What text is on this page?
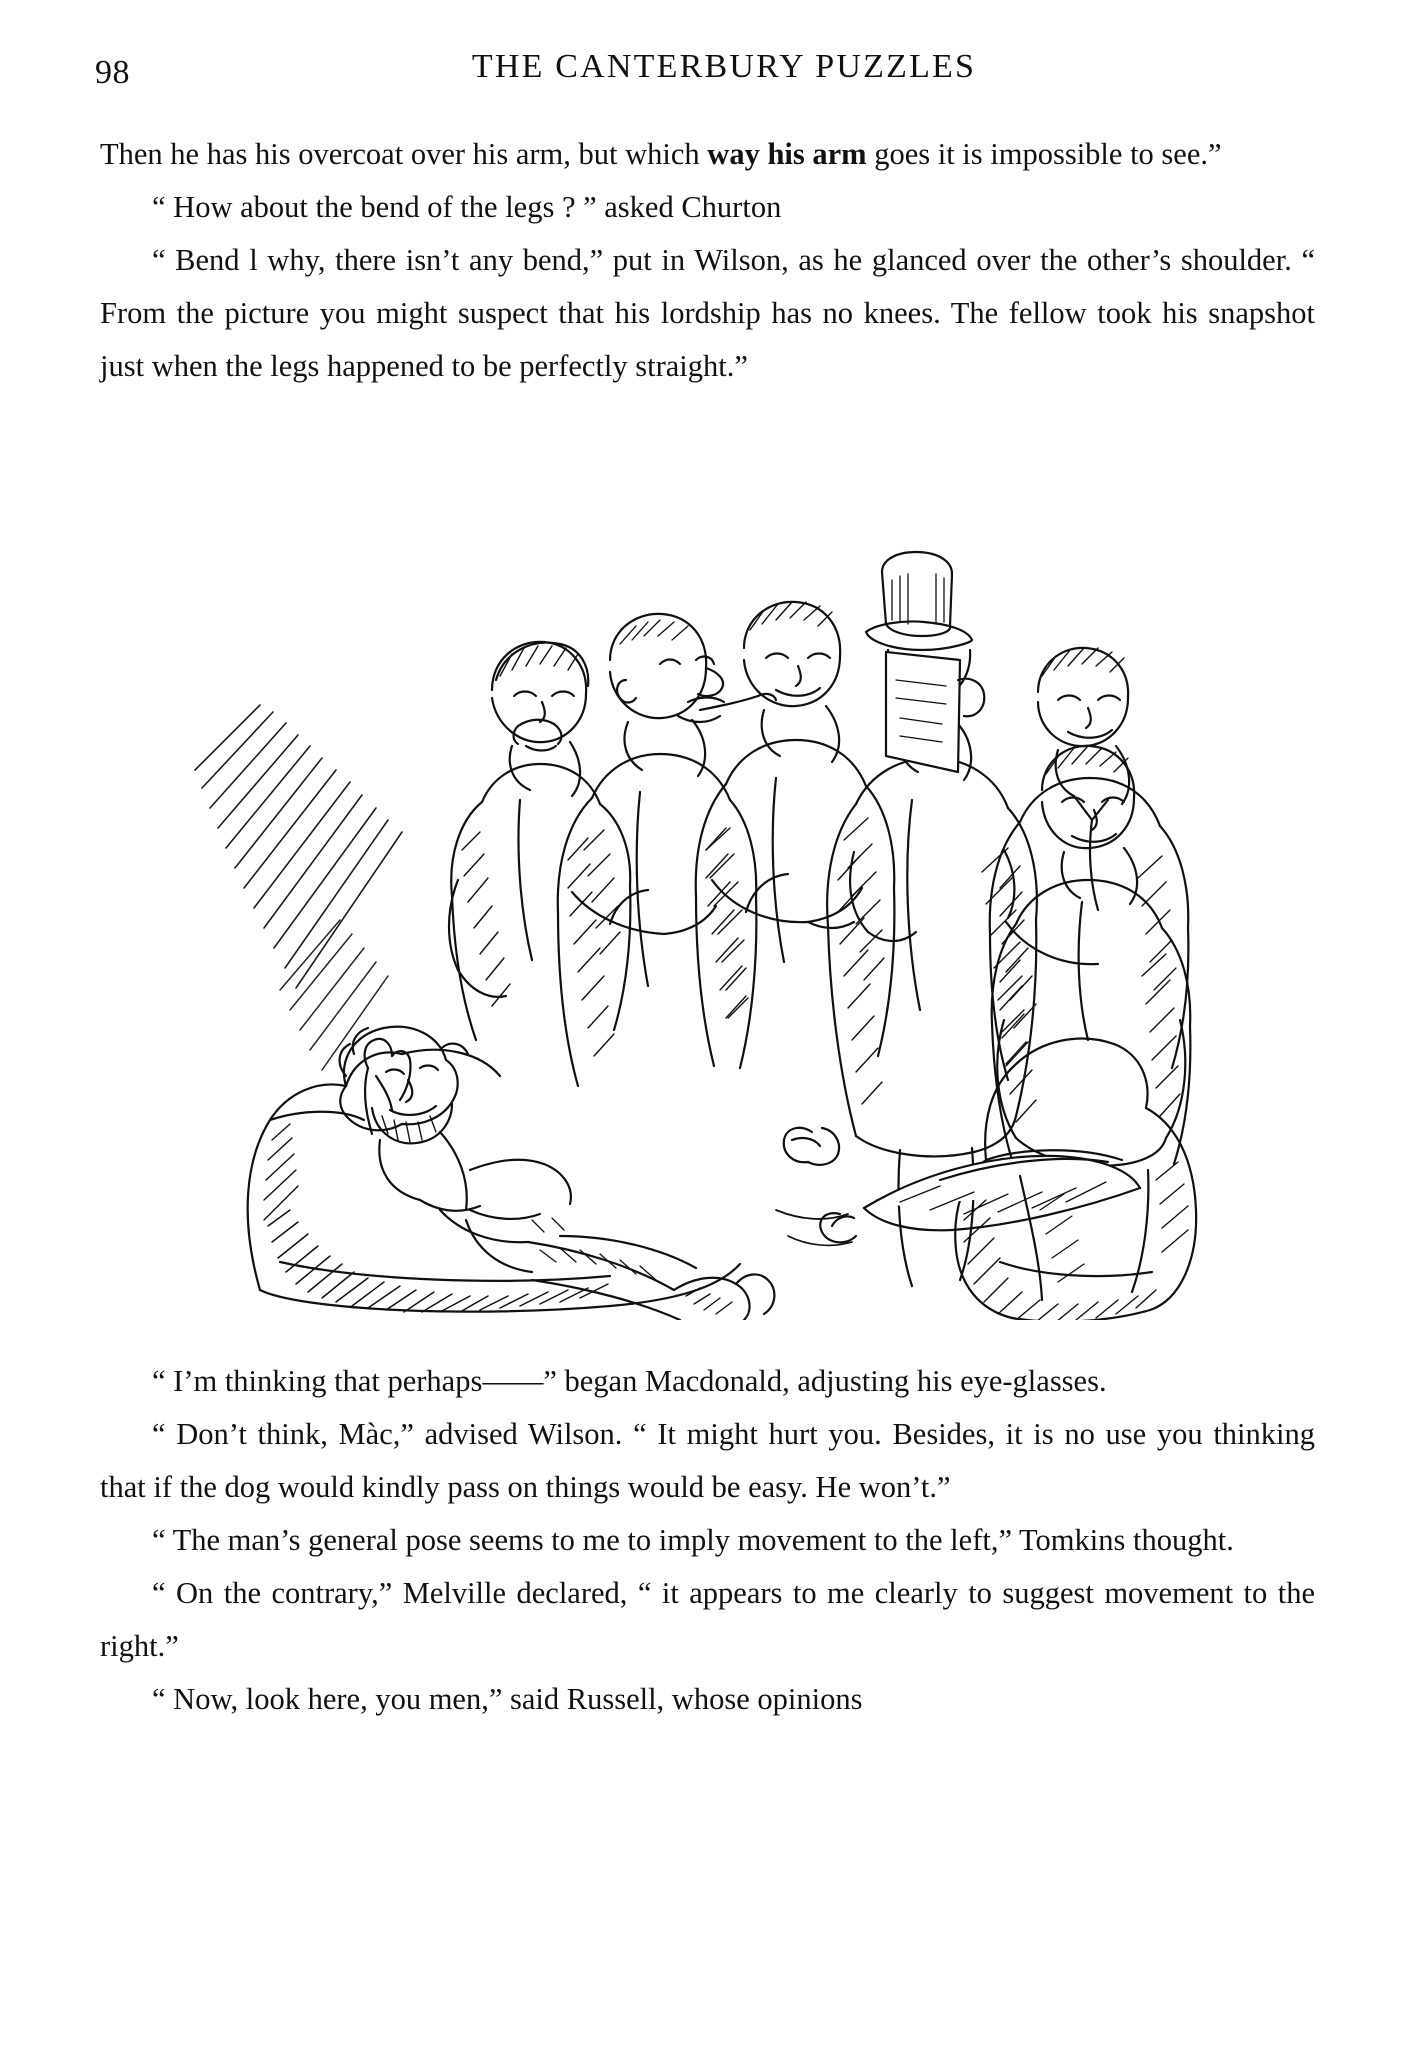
98	THE CANTERBURY PUZZLES

Then he has his overcoat over his arm, but which way his arm goes it is impossible to see.”

“ How about the bend of the legs ? ” asked Churton

“ Bend l why, there isn’t any bend,” put in Wilson, as he glanced over the other’s shoulder. “ From the picture you might suspect that his lordship has no knees. The fellow took his snapshot just when the legs happened to be perfectly straight.”

“ I’m thinking that perhaps——” began Macdonald, adjusting his eye-glasses.

“ Don’t think, Màc,” advised Wilson. “ It might hurt you. Besides, it is no use you thinking that if the dog would kindly pass on things would be easy. He won’t.”

“ The man’s general pose seems to me to imply movement to the left,” Tomkins thought.

“ On the contrary,” Melville declared, “ it appears to me clearly to suggest movement to the right.”

“ Now, look here, you men,” said Russell, whose opinions
